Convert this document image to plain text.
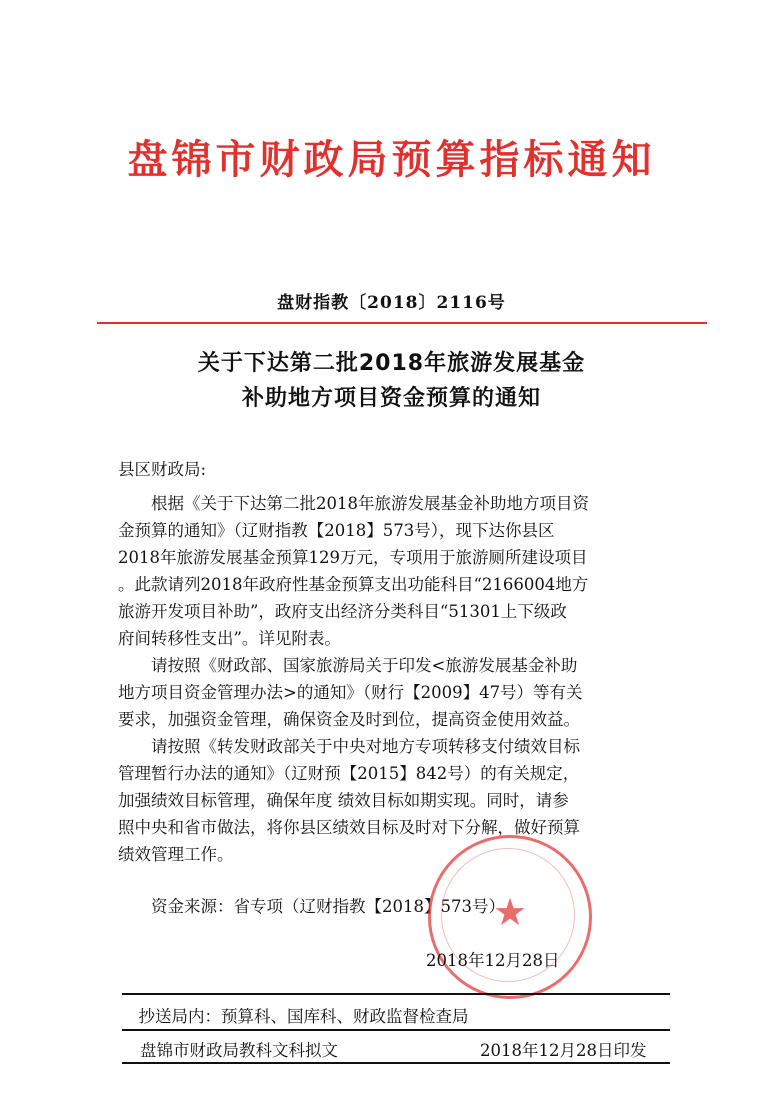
盘锦市财政局预算指标通知
盘财指教〔2018〕2116号
关于下达第二批2018年旅游发展基金
补助地方项目资金预算的通知
县区财政局:
　　根据《关于下达第二批2018年旅游发展基金补助地方项目资
金预算的通知》（辽财指教【2018】573号），现下达你县区
2018年旅游发展基金预算129万元，专项用于旅游厕所建设项目
。此款请列2018年政府性基金预算支出功能科目“2166004地方
旅游开发项目补助”，政府支出经济分类科目“51301上下级政
府间转移性支出”。详见附表。
　　请按照《财政部、国家旅游局关于印发<旅游发展基金补助
地方项目资金管理办法>的通知》（财行【2009】47号）等有关
要求，加强资金管理，确保资金及时到位，提高资金使用效益。
　　请按照《转发财政部关于中央对地方专项转移支付绩效目标
管理暂行办法的通知》（辽财预【2015】842号）的有关规定，
加强绩效目标管理，确保年度 绩效目标如期实现。同时，请参
照中央和省市做法，将你县区绩效目标及时对下分解，做好预算
绩效管理工作。
　　资金来源：省专项（辽财指教【2018】573号）
★
2018年12月28日
　抄送局内：预算科、国库科、财政监督检查局
盘锦市财政局教科文科拟文	2018年12月28日印发
